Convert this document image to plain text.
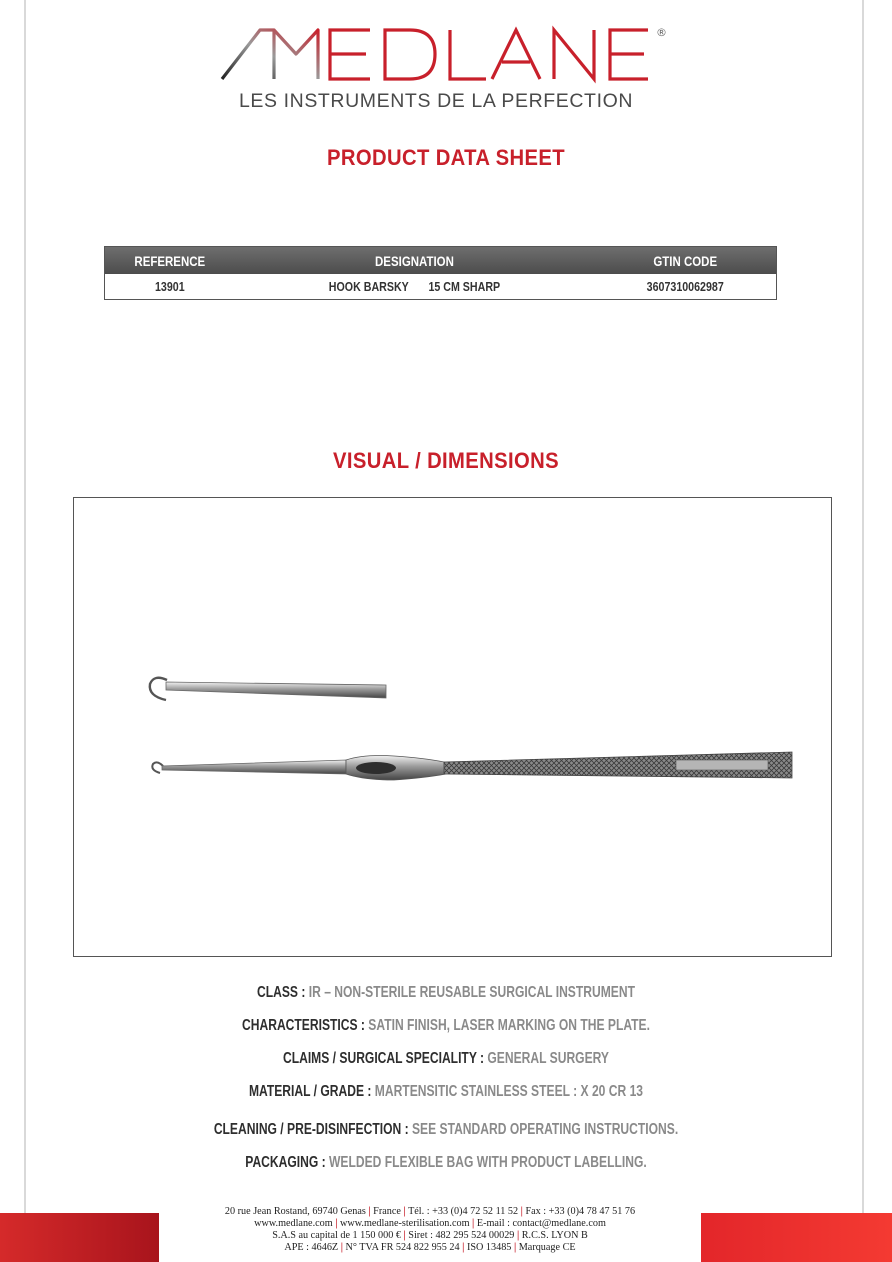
®
LES INSTRUMENTS DE LA PERFECTION
PRODUCT DATA SHEET
REFERENCE	DESIGNATION	GTIN CODE
13901	HOOK BARSKY 15 CM SHARP	3607310062987
VISUAL / DIMENSIONS
CLASS : IR – NON-STERILE REUSABLE SURGICAL INSTRUMENT
CHARACTERISTICS : SATIN FINISH, LASER MARKING ON THE PLATE.
CLAIMS / SURGICAL SPECIALITY : GENERAL SURGERY
MATERIAL / GRADE : MARTENSITIC STAINLESS STEEL : X 20 CR 13
CLEANING / PRE-DISINFECTION : SEE STANDARD OPERATING INSTRUCTIONS.
PACKAGING : WELDED FLEXIBLE BAG WITH PRODUCT LABELLING.
20 rue Jean Rostand, 69740 Genas | France | Tél. : +33 (0)4 72 52 11 52 | Fax : +33 (0)4 78 47 51 76
www.medlane.com | www.medlane-sterilisation.com | E-mail : contact@medlane.com
S.A.S au capital de 1 150 000 € | Siret : 482 295 524 00029 | R.C.S. LYON B
APE : 4646Z | N° TVA FR 524 822 955 24 | ISO 13485 | Marquage CE
